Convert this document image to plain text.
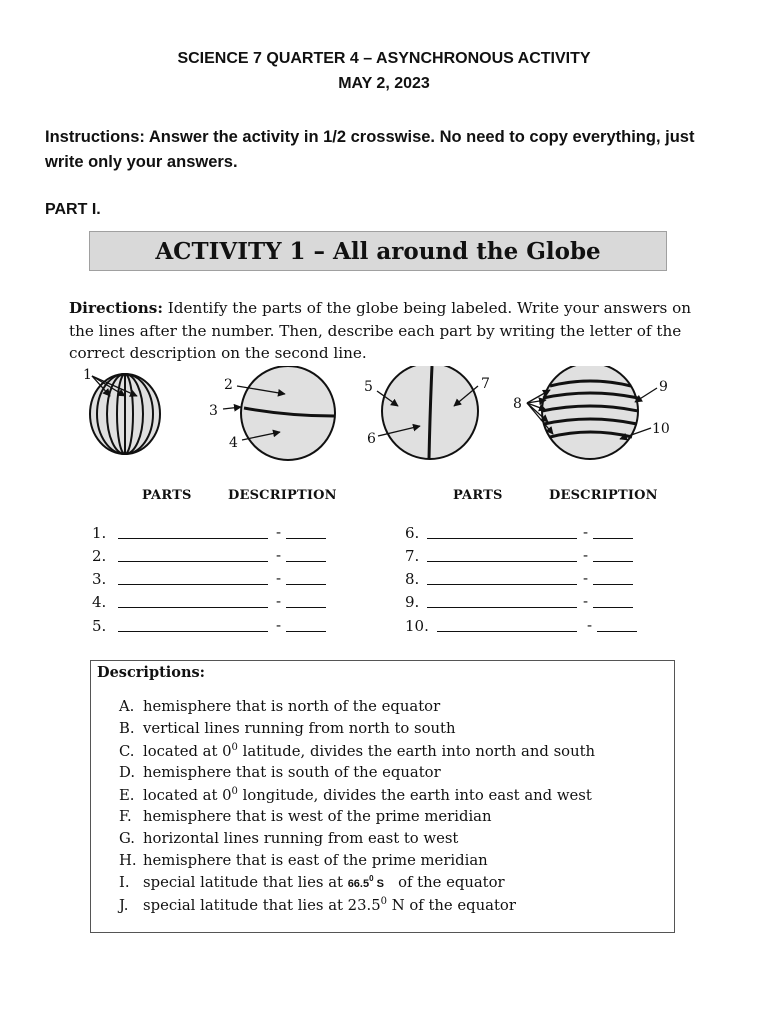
SCIENCE 7 QUARTER 4 – ASYNCHRONOUS ACTIVITY
MAY 2, 2023
Instructions: Answer the activity in 1/2 crosswise. No need to copy everything, just write only your answers.
PART I.
ACTIVITY 1 – All around the Globe
Directions: Identify the parts of the globe being labeled. Write your answers on the lines after the number. Then, describe each part by writing the letter of the correct description on the second line.
1
2
3
4
5
6
7
8
9
10
PARTS	DESCRIPTION	PARTS	DESCRIPTION
1.	-
2.	-
3.	-
4.	-
5.	-
6.	-
7.	-
8.	-
9.	-
10.	-
Descriptions:
A. hemisphere that is north of the equator
B. vertical lines running from north to south
C. located at $0^0$ latitude, divides the earth into north and south
D. hemisphere that is south of the equator
E. located at $0^0$ longitude, divides the earth into east and west
F. hemisphere that is west of the prime meridian
G. horizontal lines running from east to west
H. hemisphere that is east of the prime meridian
I. special latitude that lies at 66.5$^0$ S   of the equator
J. special latitude that lies at 23.5$^0$ N of the equator
